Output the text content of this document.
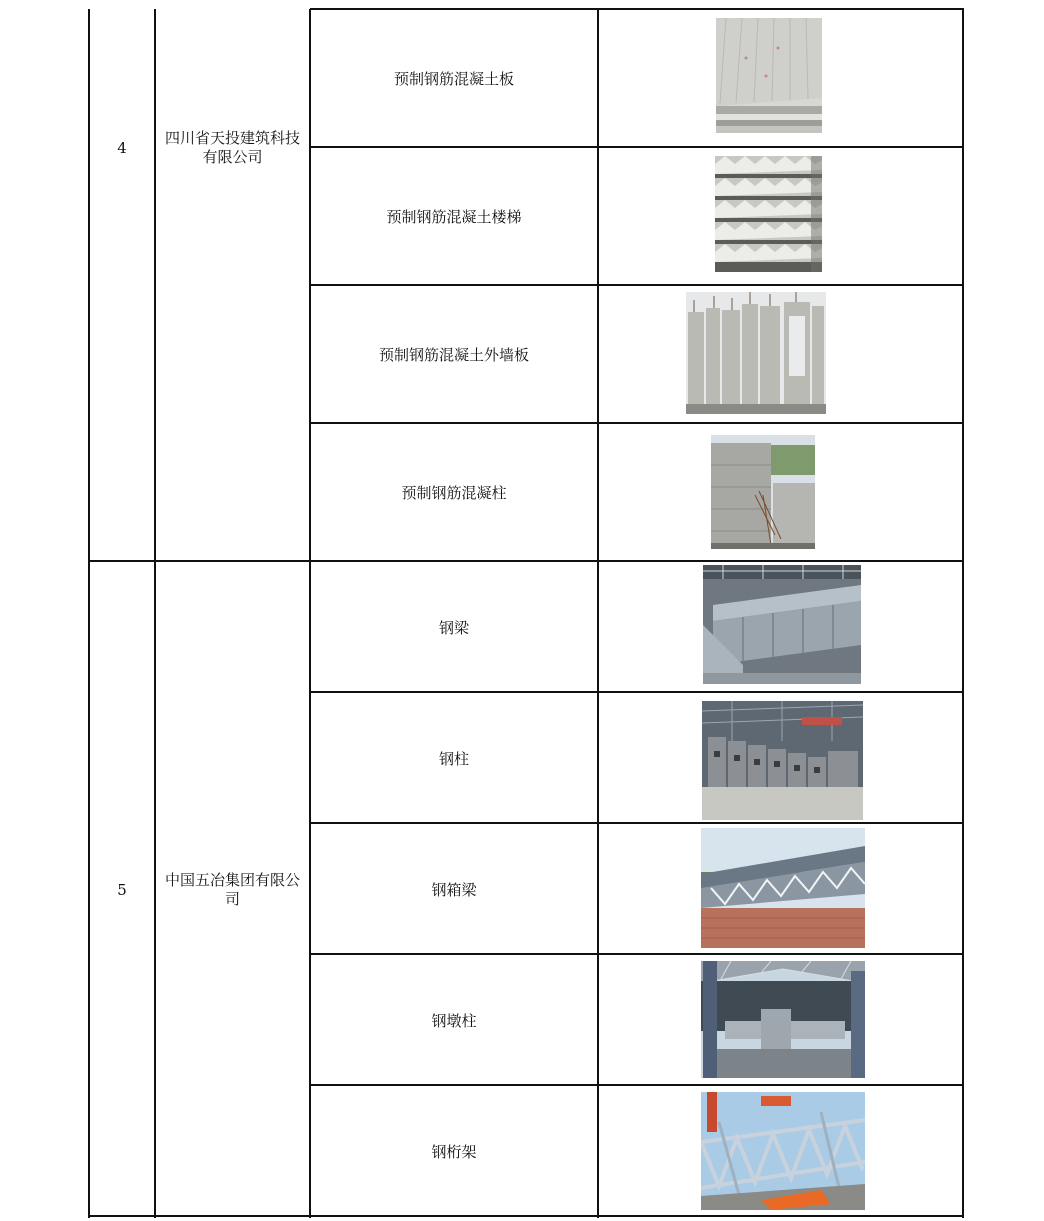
4
四川省天投建筑科技
有限公司
预制钢筋混凝土板
预制钢筋混凝土楼梯
预制钢筋混凝土外墙板
预制钢筋混凝柱
5
中国五冶集团有限公
司
钢梁
钢柱
钢箱梁
钢墩柱
钢桁架
